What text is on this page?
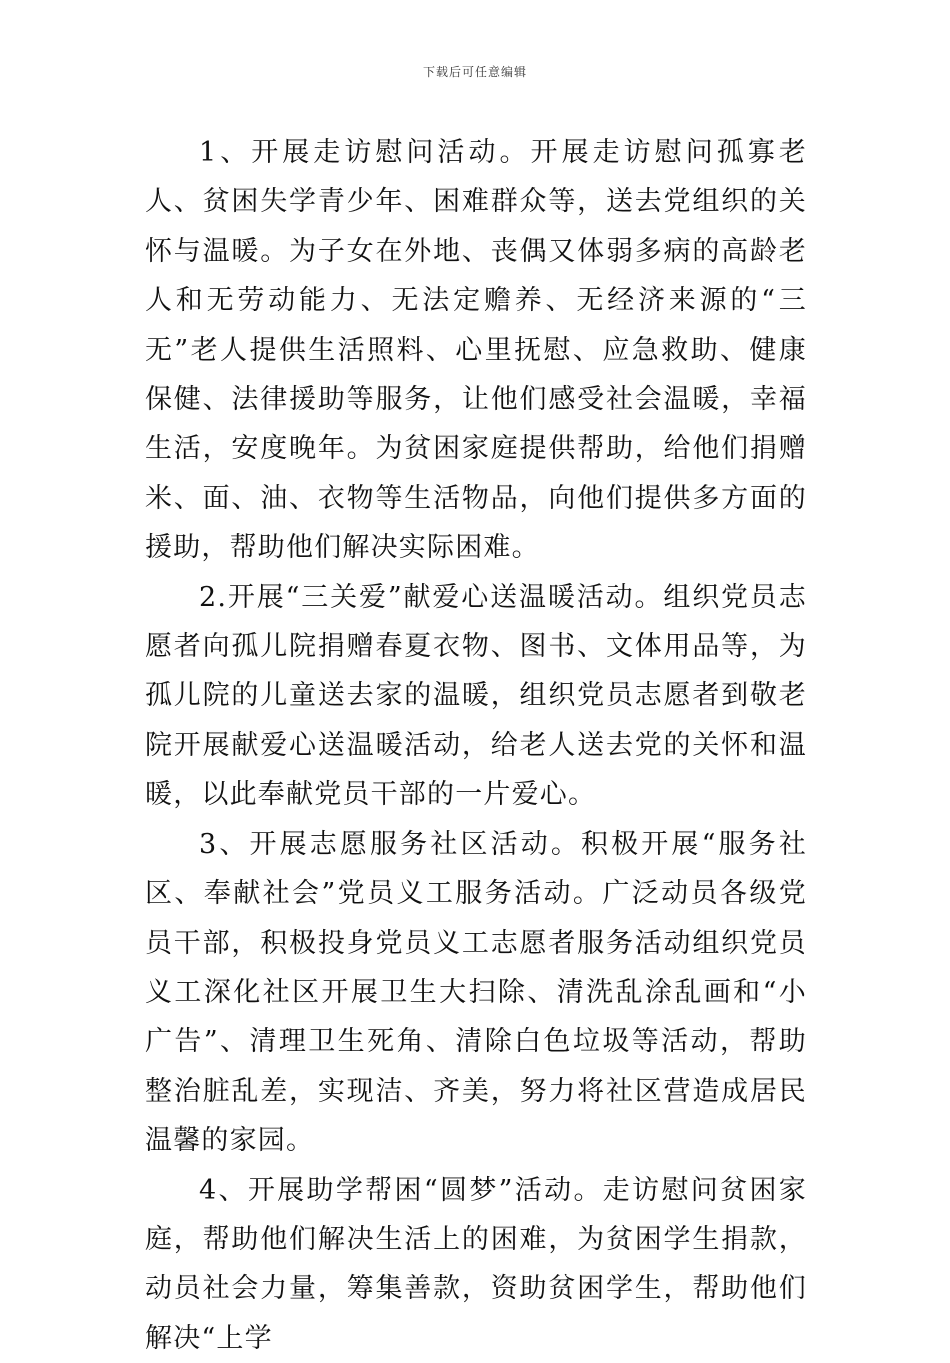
下载后可任意编辑

1、开展走访慰问活动。开展走访慰问孤寡老人、贫困失学青少年、困难群众等，送去党组织的关怀与温暖。为子女在外地、丧偶又体弱多病的高龄老人和无劳动能力、无法定赡养、无经济来源的“三无”老人提供生活照料、心里抚慰、应急救助、健康保健、法律援助等服务，让他们感受社会温暖，幸福生活，安度晚年。为贫困家庭提供帮助，给他们捐赠米、面、油、衣物等生活物品，向他们提供多方面的援助，帮助他们解决实际困难。

2.开展“三关爱”献爱心送温暖活动。组织党员志愿者向孤儿院捐赠春夏衣物、图书、文体用品等，为孤儿院的儿童送去家的温暖，组织党员志愿者到敬老院开展献爱心送温暖活动，给老人送去党的关怀和温暖，以此奉献党员干部的一片爱心。

3、开展志愿服务社区活动。积极开展“服务社区、奉献社会”党员义工服务活动。广泛动员各级党员干部，积极投身党员义工志愿者服务活动组织党员义工深化社区开展卫生大扫除、清洗乱涂乱画和“小广告”、清理卫生死角、清除白色垃圾等活动，帮助整治脏乱差，实现洁、齐美，努力将社区营造成居民温馨的家园。

4、开展助学帮困“圆梦”活动。走访慰问贫困家庭，帮助他们解决生活上的困难，为贫困学生捐款，动员社会力量，筹集善款，资助贫困学生，帮助他们解决“上学
